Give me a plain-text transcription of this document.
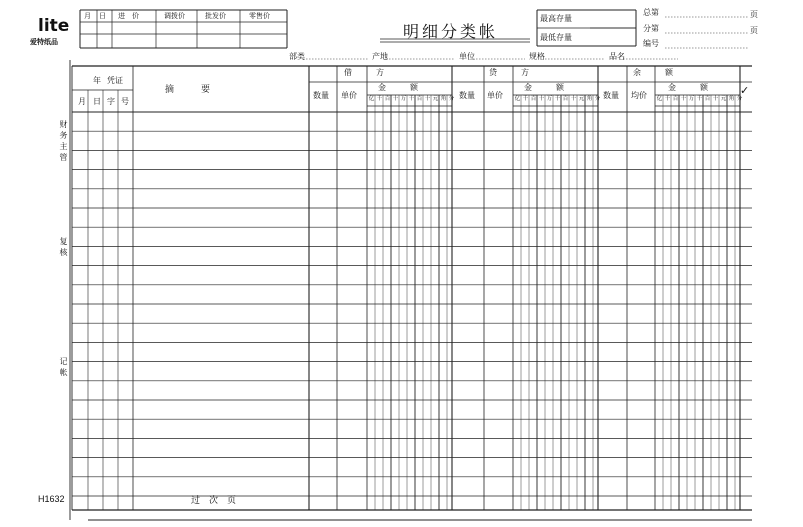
lite
爱特纸品
月 日 进　价	调拨价	批发价	零售价
明细分类帐
最高存量
最低存量
总第	页
分第	页
编号
部类	产地	单位	规格	品名
年 凭证
月 日 字 号
摘　　　要
借　　　方
数量 单价
金　　　额
贷　　　方
数量 单价
金　　　额
余　　　额
数量 均价
金　　　额	✓
亿 千 百 十 万 千 百 十 元 角 分	亿 千 百 十 万 千 百 十 元 角 分	亿 千 百 十 万 千 百 十 元 角 分
财务主管
复核
记帐
H1632	过　次　页
